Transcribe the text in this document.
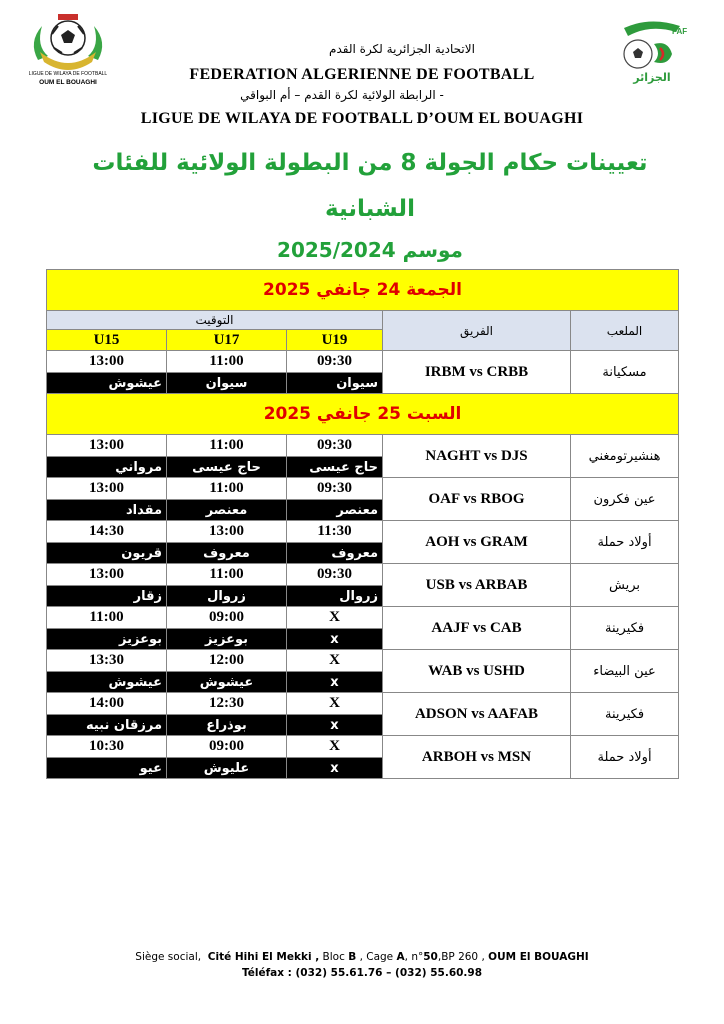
LIGUE DE WILAYA DE FOOTBALL
OUM EL BOUAGHI
FAF
الجزائر
الاتحادية الجزائرية لكرة القدم
FEDERATION ALGERIENNE DE FOOTBALL
الرابطة الولائية لكرة القدم – أم البواقي -
LIGUE DE WILAYA DE FOOTBALL D’OUM EL BOUAGHI
تعيينات حكام الجولة 8 من البطولة الولائية للفئات
الشبانية
موسم 2025/2024
الجمعة 24 جانفي 2025				
التوقيت			الفريق	الملعب
U15	U17	U19		
13:00	11:00	09:30	IRBM vs CRBB	مسكيانة
عيشوش	سيوان	سيوان		
السبت 25 جانفي 2025				
13:00	11:00	09:30	NAGHT vs DJS	هنشيرتومغني
مرواني	حاج عيسى	حاج عيسى		
13:00	11:00	09:30	OAF vs RBOG	عين فكرون
مقداد	معنصر	معنصر		
14:30	13:00	11:30	AOH vs GRAM	أولاد حملة
قريون	معروف	معروف		
13:00	11:00	09:30	USB vs ARBAB	بريش
زقار	زروال	زروال		
11:00	09:00	X	AAJF vs CAB	فكيرينة
بوعزيز	بوعزيز	x		
13:30	12:00	X	WAB vs USHD	عين البيضاء
عيشوش	عيشوش	x		
14:00	12:30	X	ADSON vs AAFAB	فكيرينة
مرزقان نبيه	بوذراع	x		
10:30	09:00	X	ARBOH vs MSN	أولاد حملة
عيو	عليوش	x		
Siège social, Cité Hihi El Mekki , Bloc B , Cage A, n°50,BP 260 , OUM El BOUAGHI
Téléfax : (032) 55.61.76 – (032) 55.60.98
